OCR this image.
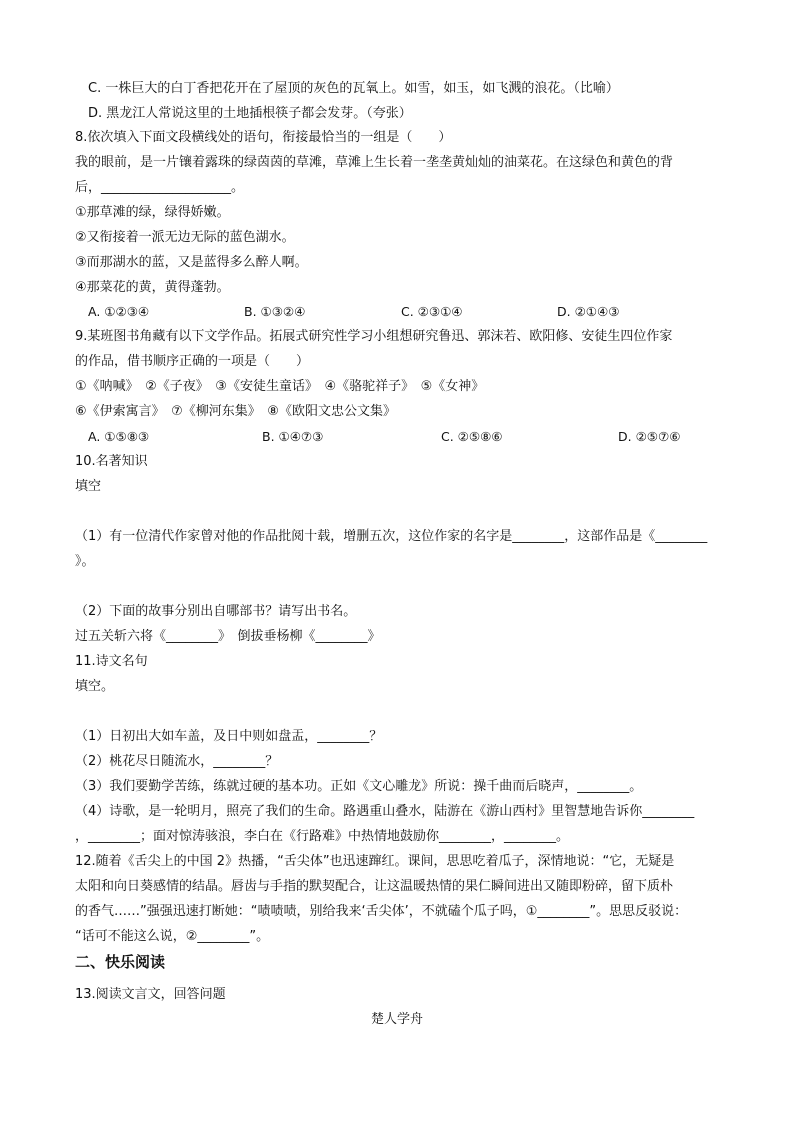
C. 一株巨大的白丁香把花开在了屋顶的灰色的瓦氧上。如雪，如玉，如飞溅的浪花。（比喻）
D. 黑龙江人常说这里的土地插根筷子都会发芽。（夸张）
8.依次填入下面文段横线处的语句，衔接最恰当的一组是（　　）
我的眼前，是一片镶着露珠的绿茵茵的草滩，草滩上生长着一垄垄黄灿灿的油菜花。在这绿色和黄色的背
后，____________________。
①那草滩的绿，绿得娇嫩。
②又衔接着一派无边无际的蓝色湖水。
③而那湖水的蓝，又是蓝得多么醉人啊。
④那菜花的黄，黄得蓬勃。
A. ①②③④	B. ①③②④	C. ②③①④	D. ②①④③
9.某班图书角藏有以下文学作品。拓展式研究性学习小组想研究鲁迅、郭沫若、欧阳修、安徒生四位作家
的作品，借书顺序正确的一项是（　　）
①《呐喊》　②《子夜》　③《安徒生童话》　④《骆驼祥子》　⑤《女神》
⑥《伊索寓言》　⑦《柳河东集》　⑧《欧阳文忠公文集》
A. ①⑤⑧③	B. ①④⑦③	C. ②⑤⑧⑥	D. ②⑤⑦⑥
10.名著知识
填空
（1）有一位清代作家曾对他的作品批阅十载，增删五次，这位作家的名字是________，这部作品是《________
》。
（2）下面的故事分别出自哪部书？请写出书名。
过五关斩六将《________》　倒拔垂杨柳《________》
11.诗文名句
填空。
（1）日初出大如车盖，及日中则如盘盂，________？
（2）桃花尽日随流水，________？
（3）我们要勤学苦练，练就过硬的基本功。正如《文心雕龙》所说：操千曲而后晓声，________。
（4）诗歌，是一轮明月，照亮了我们的生命。路遇重山叠水，陆游在《游山西村》里智慧地告诉你________
，________；面对惊涛骇浪，李白在《行路难》中热情地鼓励你________，________。
12.随着《舌尖上的中国 2》热播，“舌尖体”也迅速蹿红。课间，思思吃着瓜子，深情地说：“它，无疑是
太阳和向日葵感情的结晶。唇齿与手指的默契配合，让这温暖热情的果仁瞬间进出又随即粉碎，留下质朴
的香气……”强强迅速打断她：“啧啧啧，别给我来‘舌尖体’，不就磕个瓜子吗，①________”。思思反驳说：
“话可不能这么说，②________”。
二、快乐阅读
13.阅读文言文，回答问题
楚人学舟
